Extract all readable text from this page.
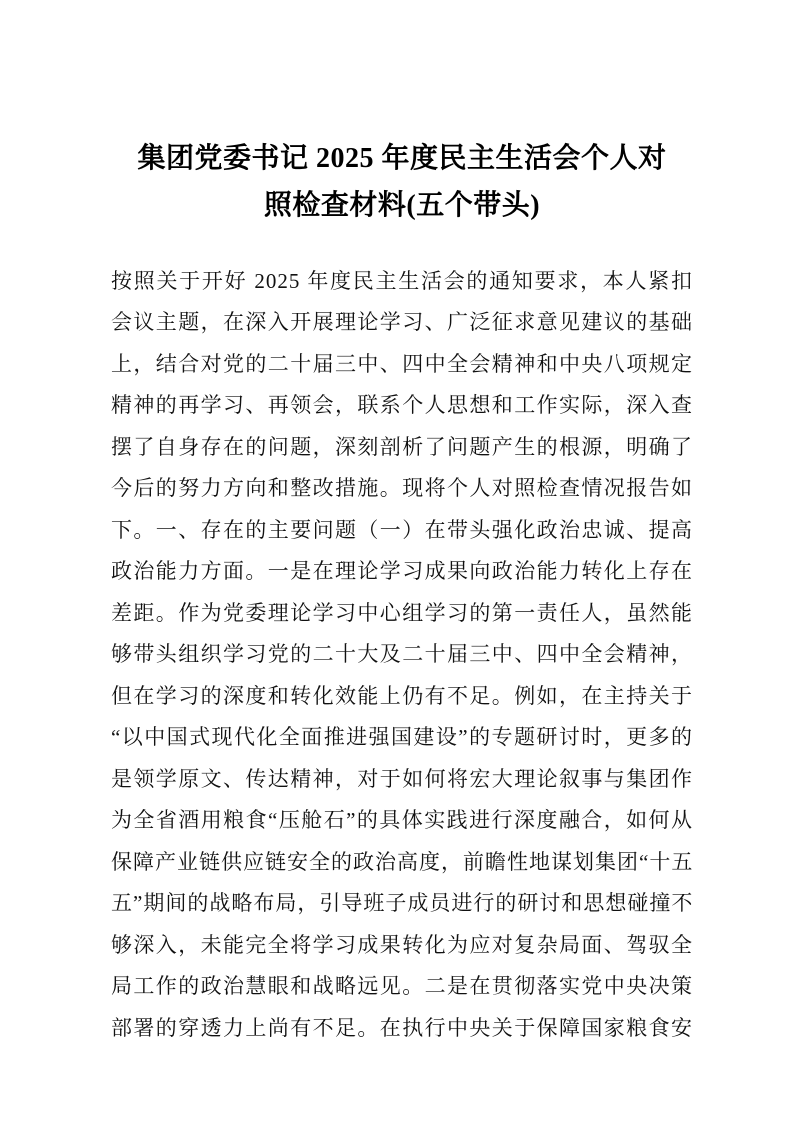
集团党委书记 2025 年度民主生活会个人对
照检查材料(五个带头)
按照关于开好 2025 年度民主生活会的通知要求，本人紧扣
会议主题，在深入开展理论学习、广泛征求意见建议的基础
上，结合对党的二十届三中、四中全会精神和中央八项规定
精神的再学习、再领会，联系个人思想和工作实际，深入查
摆了自身存在的问题，深刻剖析了问题产生的根源，明确了
今后的努力方向和整改措施。现将个人对照检查情况报告如
下。一、存在的主要问题（一）在带头强化政治忠诚、提高
政治能力方面。一是在理论学习成果向政治能力转化上存在
差距。作为党委理论学习中心组学习的第一责任人，虽然能
够带头组织学习党的二十大及二十届三中、四中全会精神，
但在学习的深度和转化效能上仍有不足。例如，在主持关于
“以中国式现代化全面推进强国建设”的专题研讨时，更多的
是领学原文、传达精神，对于如何将宏大理论叙事与集团作
为全省酒用粮食“压舱石”的具体实践进行深度融合，如何从
保障产业链供应链安全的政治高度，前瞻性地谋划集团“十五
五”期间的战略布局，引导班子成员进行的研讨和思想碰撞不
够深入，未能完全将学习成果转化为应对复杂局面、驾驭全
局工作的政治慧眼和战略远见。二是在贯彻落实党中央决策
部署的穿透力上尚有不足。在执行中央关于保障国家粮食安
